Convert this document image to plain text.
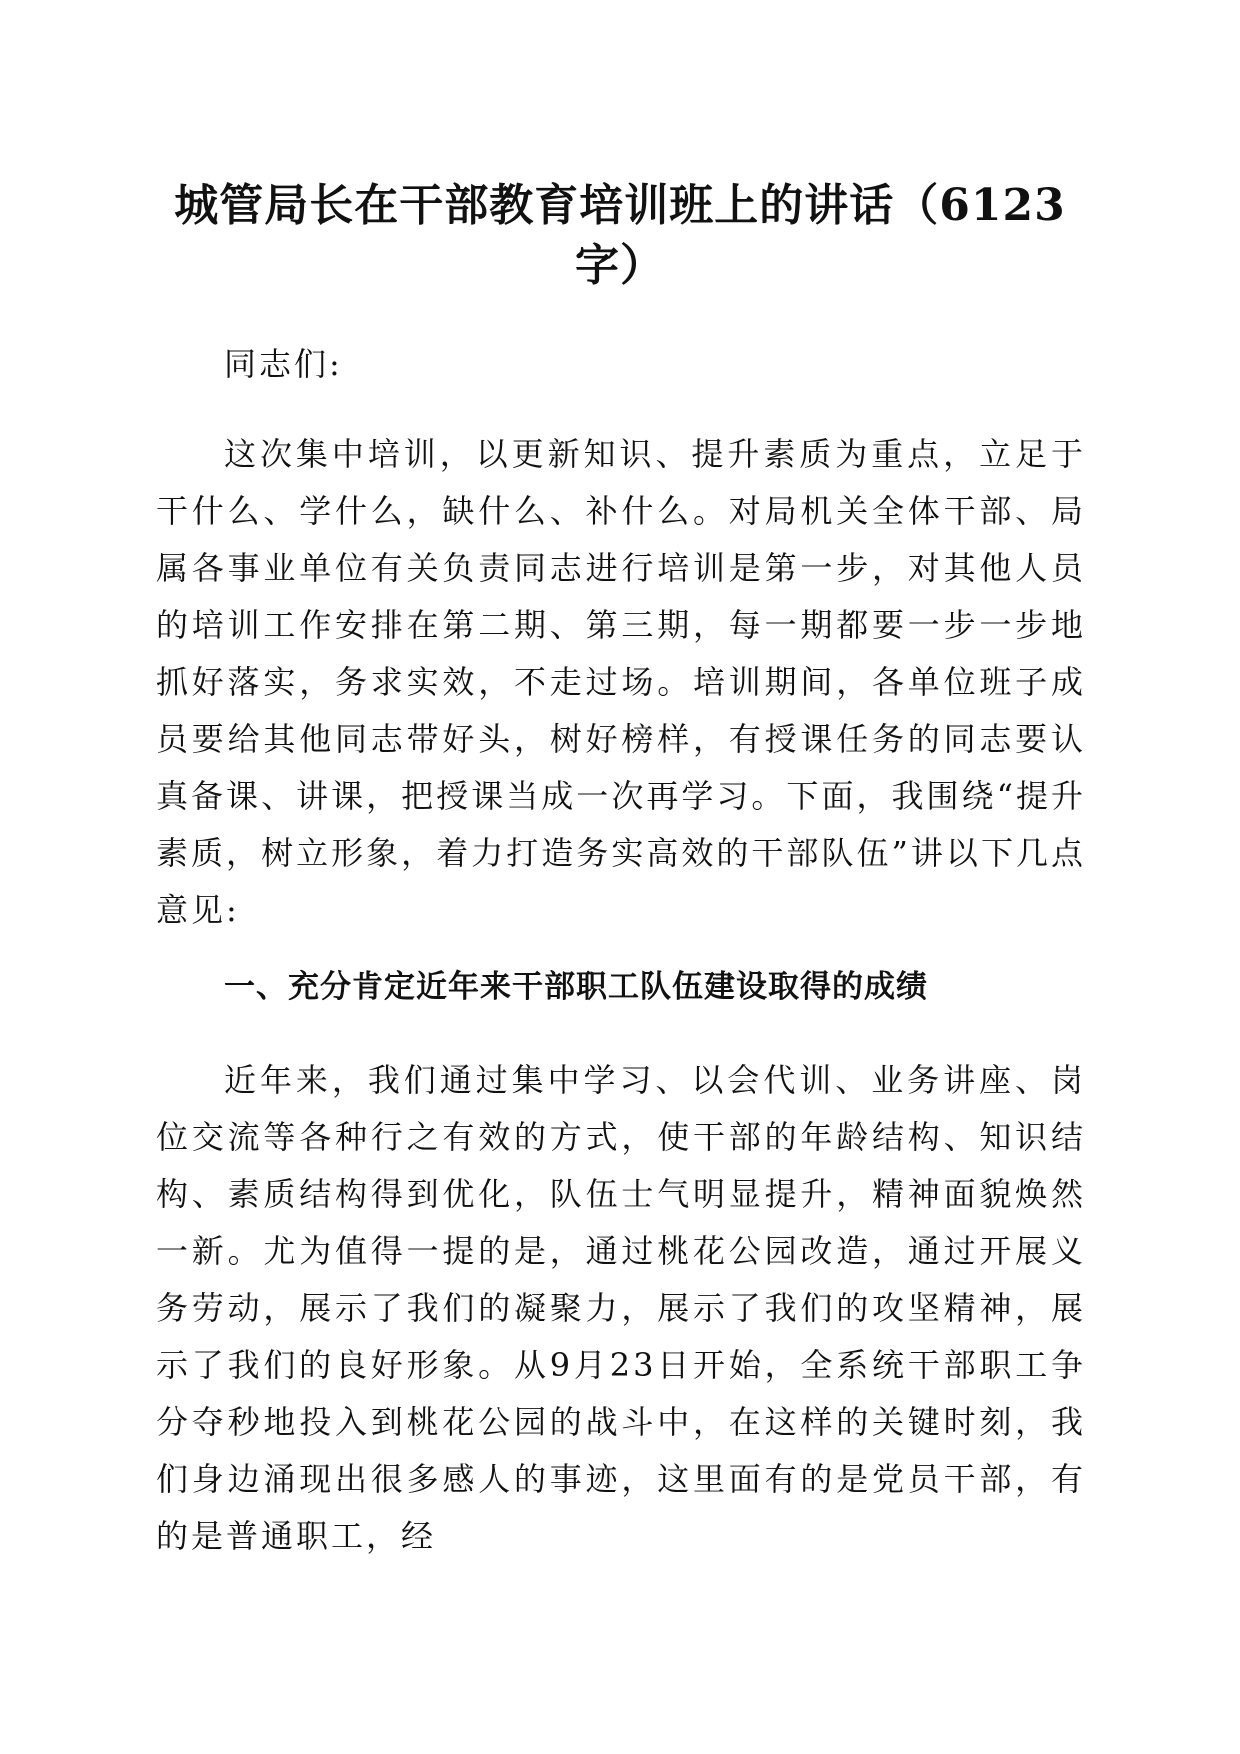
城管局长在干部教育培训班上的讲话（6123字）

同志们:

这次集中培训，以更新知识、提升素质为重点，立足于干什么、学什么，缺什么、补什么。对局机关全体干部、局属各事业单位有关负责同志进行培训是第一步，对其他人员的培训工作安排在第二期、第三期，每一期都要一步一步地抓好落实，务求实效，不走过场。培训期间，各单位班子成员要给其他同志带好头，树好榜样，有授课任务的同志要认真备课、讲课，把授课当成一次再学习。下面，我围绕“提升素质，树立形象，着力打造务实高效的干部队伍”讲以下几点意见:

一、充分肯定近年来干部职工队伍建设取得的成绩

近年来，我们通过集中学习、以会代训、业务讲座、岗位交流等各种行之有效的方式，使干部的年龄结构、知识结构、素质结构得到优化，队伍士气明显提升，精神面貌焕然一新。尤为值得一提的是，通过桃花公园改造，通过开展义务劳动，展示了我们的凝聚力，展示了我们的攻坚精神，展示了我们的良好形象。从9月23日开始，全系统干部职工争分夺秒地投入到桃花公园的战斗中，在这样的关键时刻，我们身边涌现出很多感人的事迹，这里面有的是党员干部，有的是普通职工，经
